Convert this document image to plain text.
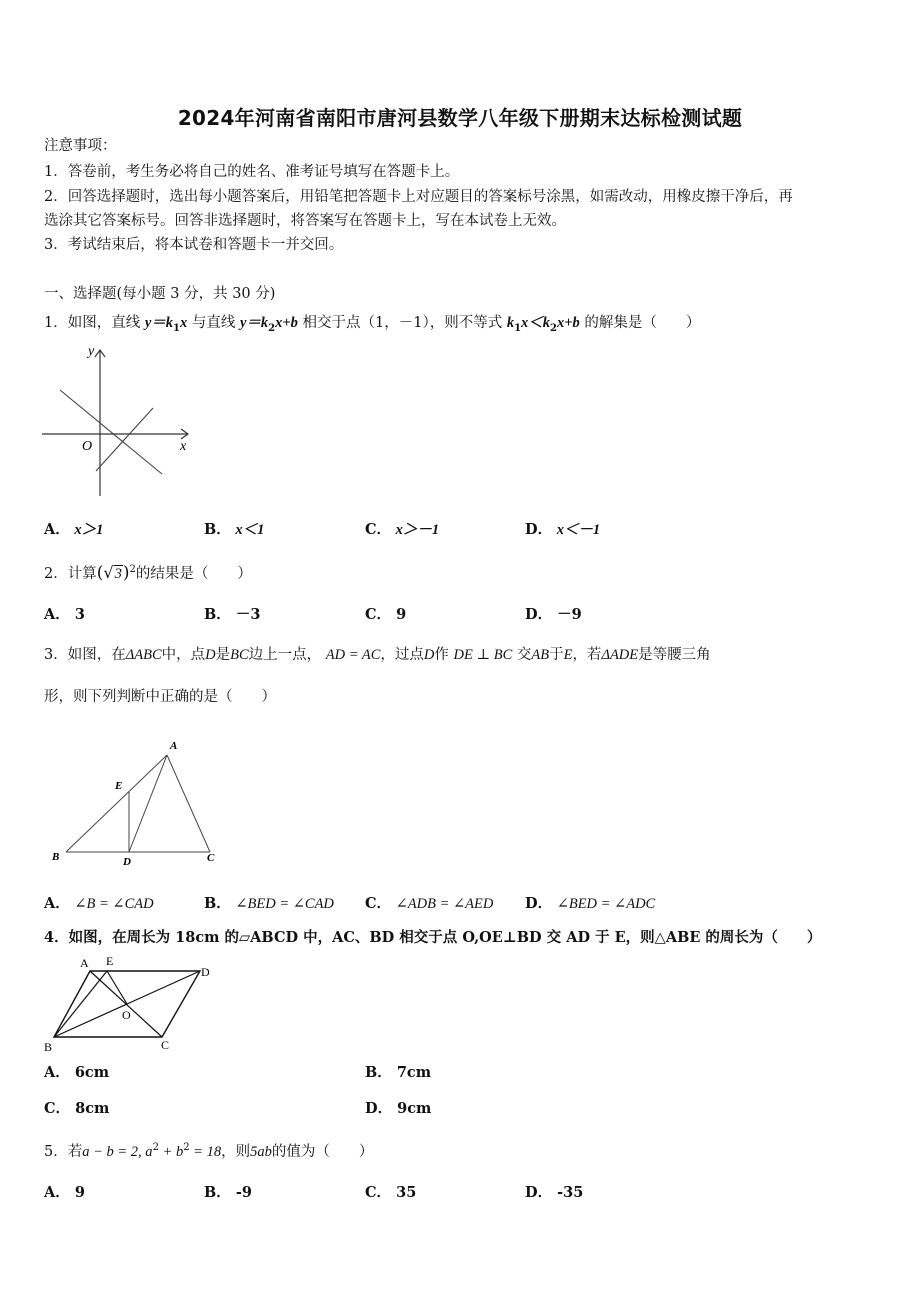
2024年河南省南阳市唐河县数学八年级下册期末达标检测试题
注意事项：
1．答卷前，考生务必将自己的姓名、准考证号填写在答题卡上。
2．回答选择题时，选出每小题答案后，用铅笔把答题卡上对应题目的答案标号涂黑，如需改动，用橡皮擦干净后，再
选涂其它答案标号。回答非选择题时，将答案写在答题卡上，写在本试卷上无效。
3．考试结束后，将本试卷和答题卡一并交回。
一、选择题(每小题 3 分，共 30 分)
1．如图，直线 $y=k_1x$ 与直线 $y=k_2x+b$ 相交于点（1，－1），则不等式 $k_1x<k_2x+b$ 的解集是（　　）
y
x
O
A． x＞1	B． x＜1	C． x＞－1	D． x＜－1
2．计算$(√3)^2$的结果是（　　）
A． 3	B． －3	C． 9	D． －9
3．如图，在ΔABC中，点D是BC边上一点， AD = AC，过点D作 DE ⊥ BC 交AB于E，若ΔADE是等腰三角
形，则下列判断中正确的是（　　）
A
E
B	D	C
A． ∠B = ∠CAD	B． ∠BED = ∠CAD C． ∠ADB = ∠AED D． ∠BED = ∠ADC
4．如图，在周长为 18cm 的▱ABCD 中，AC、BD 相交于点 O,OE⊥BD 交 AD 于 E，则△ABE 的周长为（　　）
A E
D
O
B	C
A． 6cm	B． 7cm
C． 8cm	D． 9cm
5．若a − b = 2, $a^2 + b^2 = 18$，则5ab的值为（　　）
A． 9	B． -9	C． 35	D． -35
